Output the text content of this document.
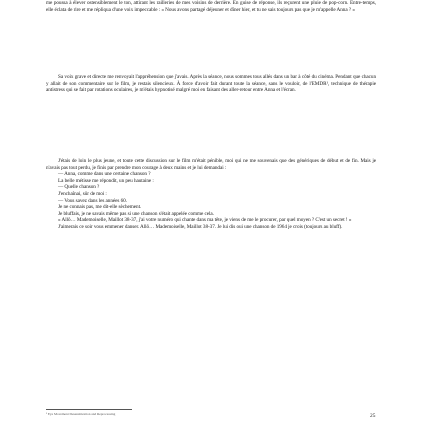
me poussa à élever ostensiblement le ton, attirant les railleries de mes voisins de derrière. En guise de réponse, ils reçurent une pluie de pop-corn. Entre-temps, elle éclata de rire et me répliqua d'une voix impeccable : « Nous avons partagé déjeuner et dîner hier, et tu ne sais toujours pas que je m'appelle Anna ? »

Sa voix grave et directe me renvoyait l'appréhension que j'avais. Après la séance, nous sommes tous allés dans un bar à côté du cinéma. Pendant que chacun y allait de son commentaire sur le film, je restais silencieux. À force d'avoir fait durant toute la séance, sans le vouloir, de l'EMDR¹, technique de thérapie antistress qui se fait par rotations oculaires, je m'étais hypnotisé malgré moi en faisant des aller-retour entre Anna et l'écran.

J'étais de loin le plus jeune, et toute cette discussion sur le film m'était pénible, moi qui ne me souvenais que des génériques de début et de fin. Mais je n'avais pas tout perdu, je finis par prendre mon courage à deux mains et je lui demandai :

— Anna, comme dans une certaine chanson ?

La belle métisse me répondit, un peu hautaine :

— Quelle chanson ?

J'enchaînai, sûr de moi :

— Vous savez dans les années 60.

Je ne connais pas, me dit-elle sèchement.

Je bluffais, je ne savais même pas si une chanson s'était appelée comme cela.

« Allô… Mademoiselle, Maillot 38-37, j'ai votre numéro qui chante dans ma tête, je viens de me le procurer, par quel moyen ? C'est un secret ! »

J'aimerais ce soir vous emmener danser. Allô… Mademoiselle, Maillot 38-37. Je lui dis oui une chanson de 1964 je crois (toujours au bluff).

¹ Eye Movement Desensitization and Reprocessing	25
